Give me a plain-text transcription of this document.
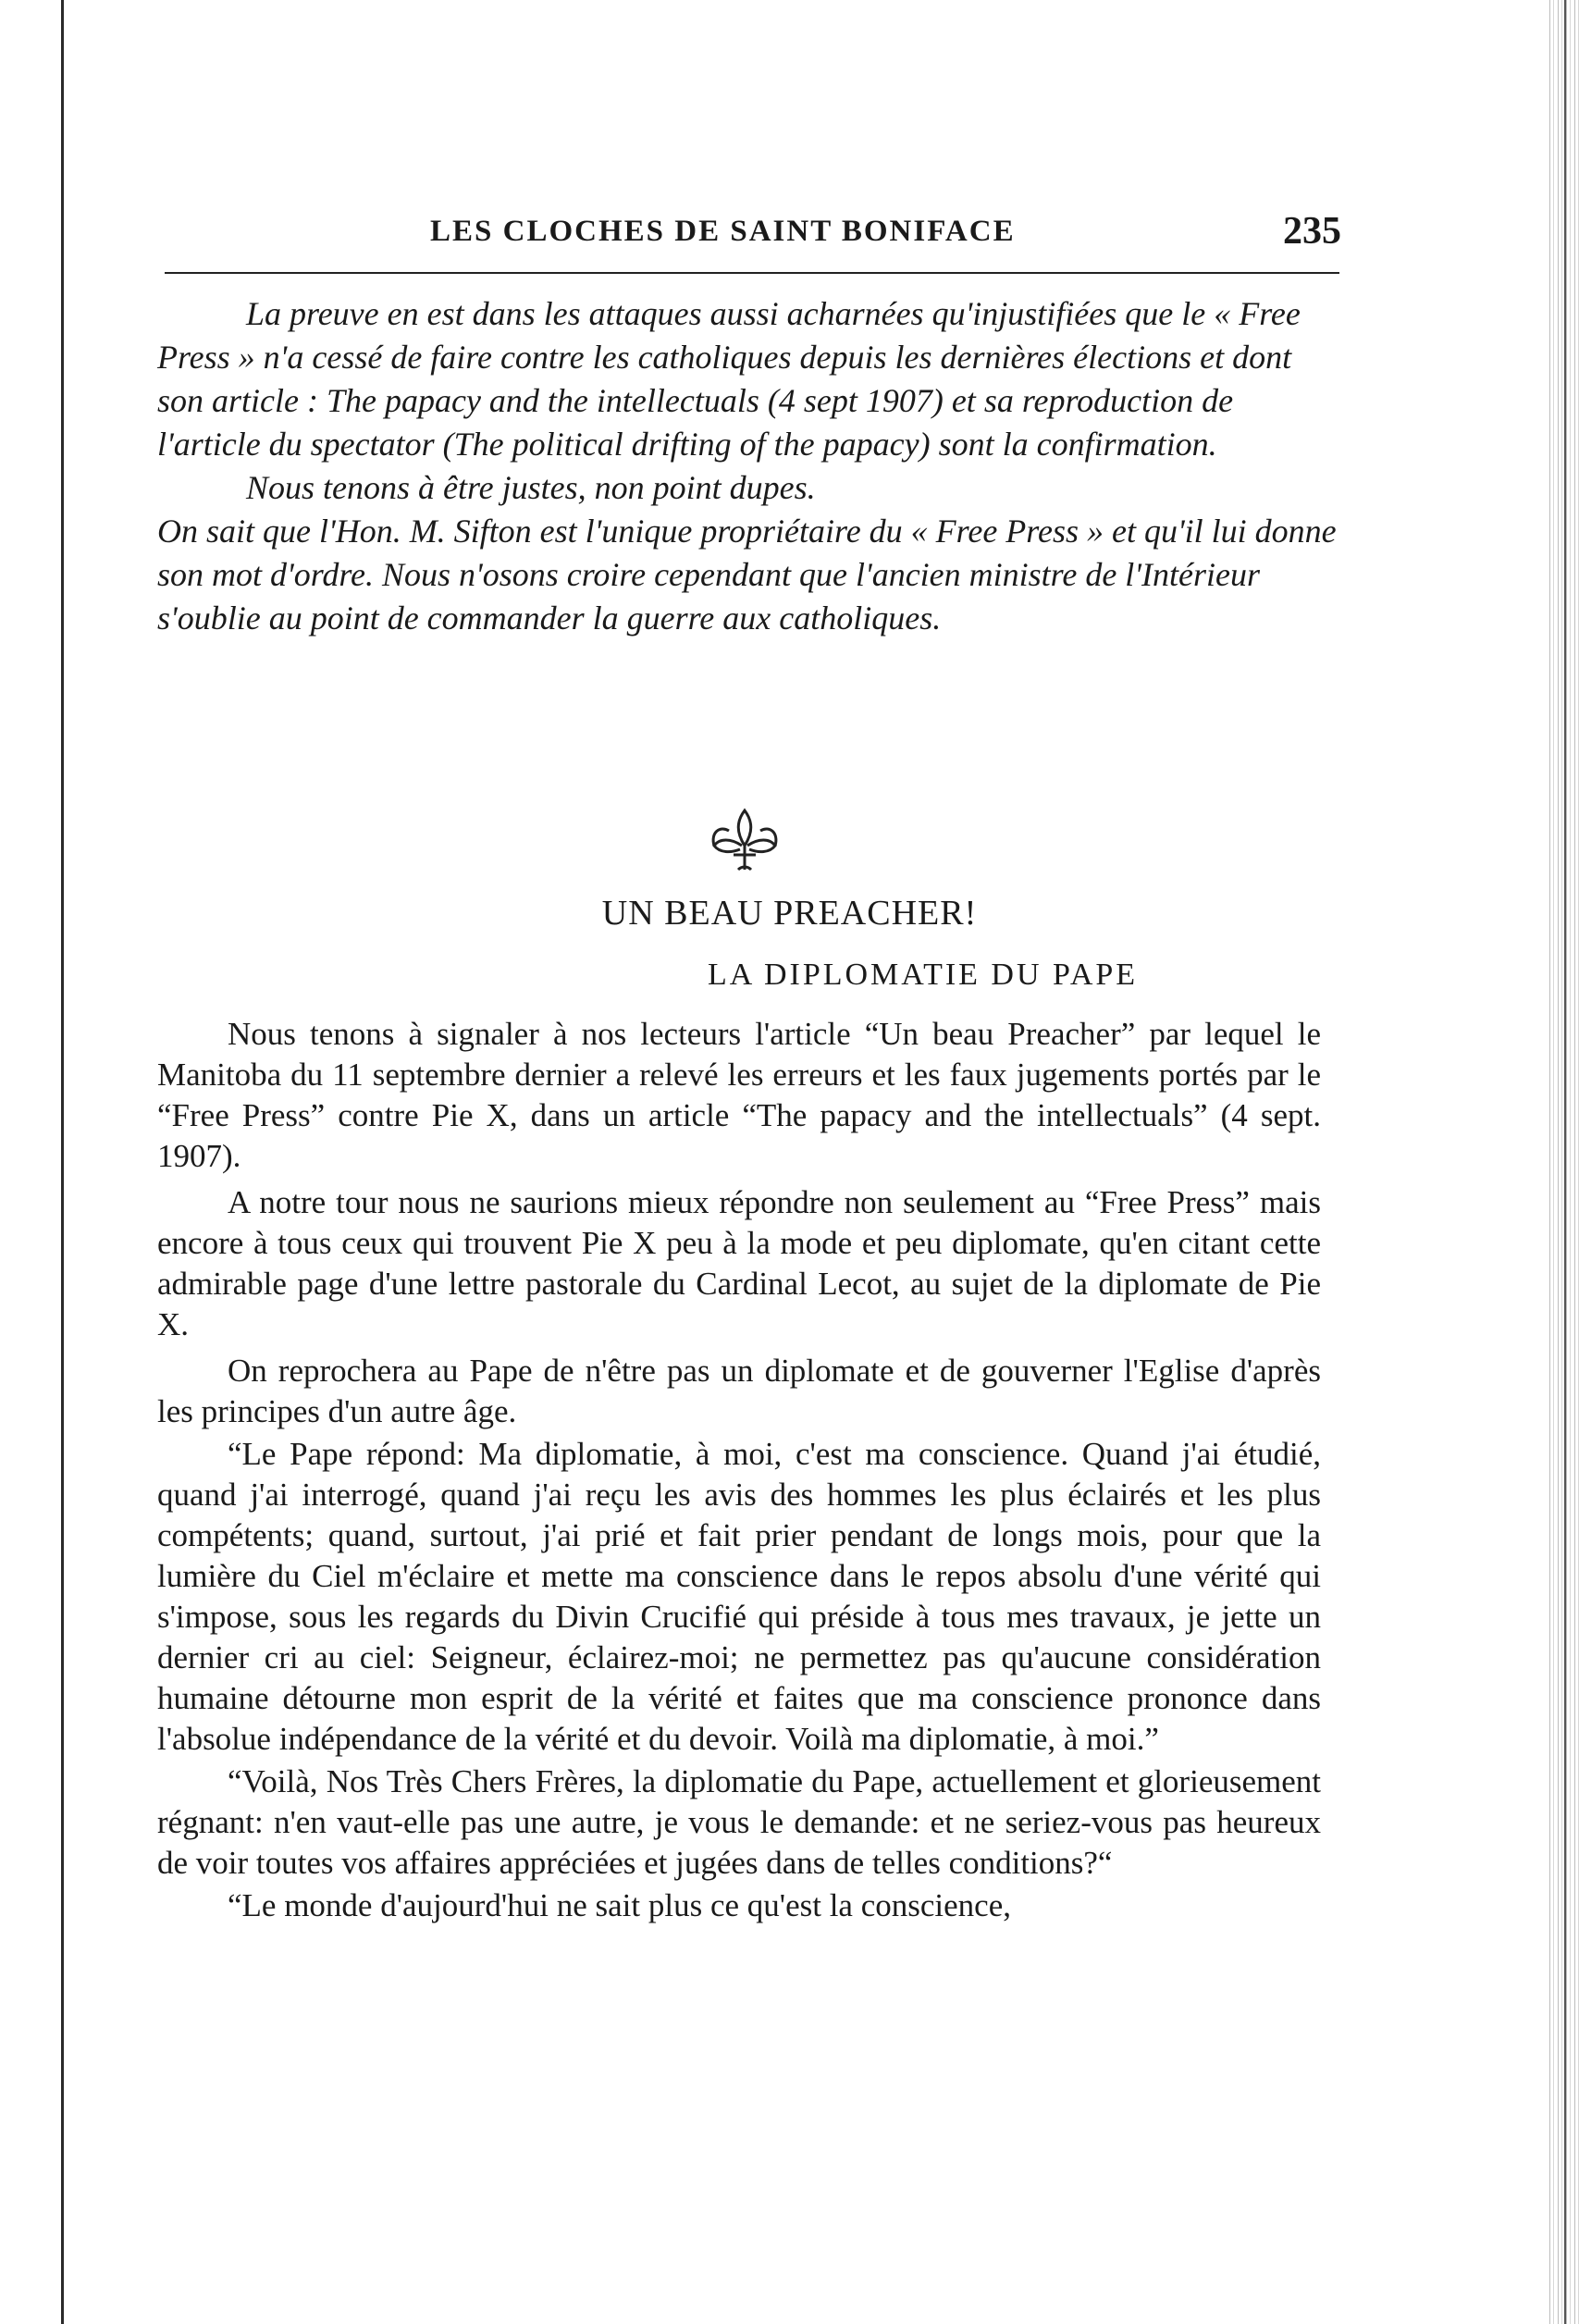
LES CLOCHES DE SAINT BONIFACE	235

La preuve en est dans les attaques aussi acharnées qu'injustifiées que le « Free Press » n'a cessé de faire contre les catholiques depuis les dernières élections et dont son article : The papacy and the intellectuals (4 sept 1907) et sa reproduction de l'article du spectator (The political drifting of the papacy) sont la confirmation.

Nous tenons à être justes, non point dupes.

On sait que l'Hon. M. Sifton est l'unique propriétaire du « Free Press » et qu'il lui donne son mot d'ordre. Nous n'osons croire cependant que l'ancien ministre de l'Intérieur s'oublie au point de commander la guerre aux catholiques.

UN BEAU PREACHER!
LA DIPLOMATIE DU PAPE

Nous tenons à signaler à nos lecteurs l'article “Un beau Preacher” par lequel le Manitoba du 11 septembre dernier a relevé les erreurs et les faux jugements portés par le “Free Press” contre Pie X, dans un article “The papacy and the intellectuals” (4 sept. 1907).

A notre tour nous ne saurions mieux répondre non seulement au “Free Press” mais encore à tous ceux qui trouvent Pie X peu à la mode et peu diplomate, qu'en citant cette admirable page d'une lettre pastorale du Cardinal Lecot, au sujet de la diplomate de Pie X.

On reprochera au Pape de n'être pas un diplomate et de gouverner l'Eglise d'après les principes d'un autre âge.

“Le Pape répond: Ma diplomatie, à moi, c'est ma conscience. Quand j'ai étudié, quand j'ai interrogé, quand j'ai reçu les avis des hommes les plus éclairés et les plus compétents; quand, surtout, j'ai prié et fait prier pendant de longs mois, pour que la lumière du Ciel m'éclaire et mette ma conscience dans le repos absolu d'une vérité qui s'impose, sous les regards du Divin Crucifié qui préside à tous mes travaux, je jette un dernier cri au ciel: Seigneur, éclairez-moi; ne permettez pas qu'aucune considération humaine détourne mon esprit de la vérité et faites que ma conscience prononce dans l'absolue indépendance de la vérité et du devoir. Voilà ma diplomatie, à moi.”

“Voilà, Nos Très Chers Frères, la diplomatie du Pape, actuellement et glorieusement régnant: n'en vaut-elle pas une autre, je vous le demande: et ne seriez-vous pas heureux de voir toutes vos affaires appréciées et jugées dans de telles conditions?“

“Le monde d'aujourd'hui ne sait plus ce qu'est la conscience,
